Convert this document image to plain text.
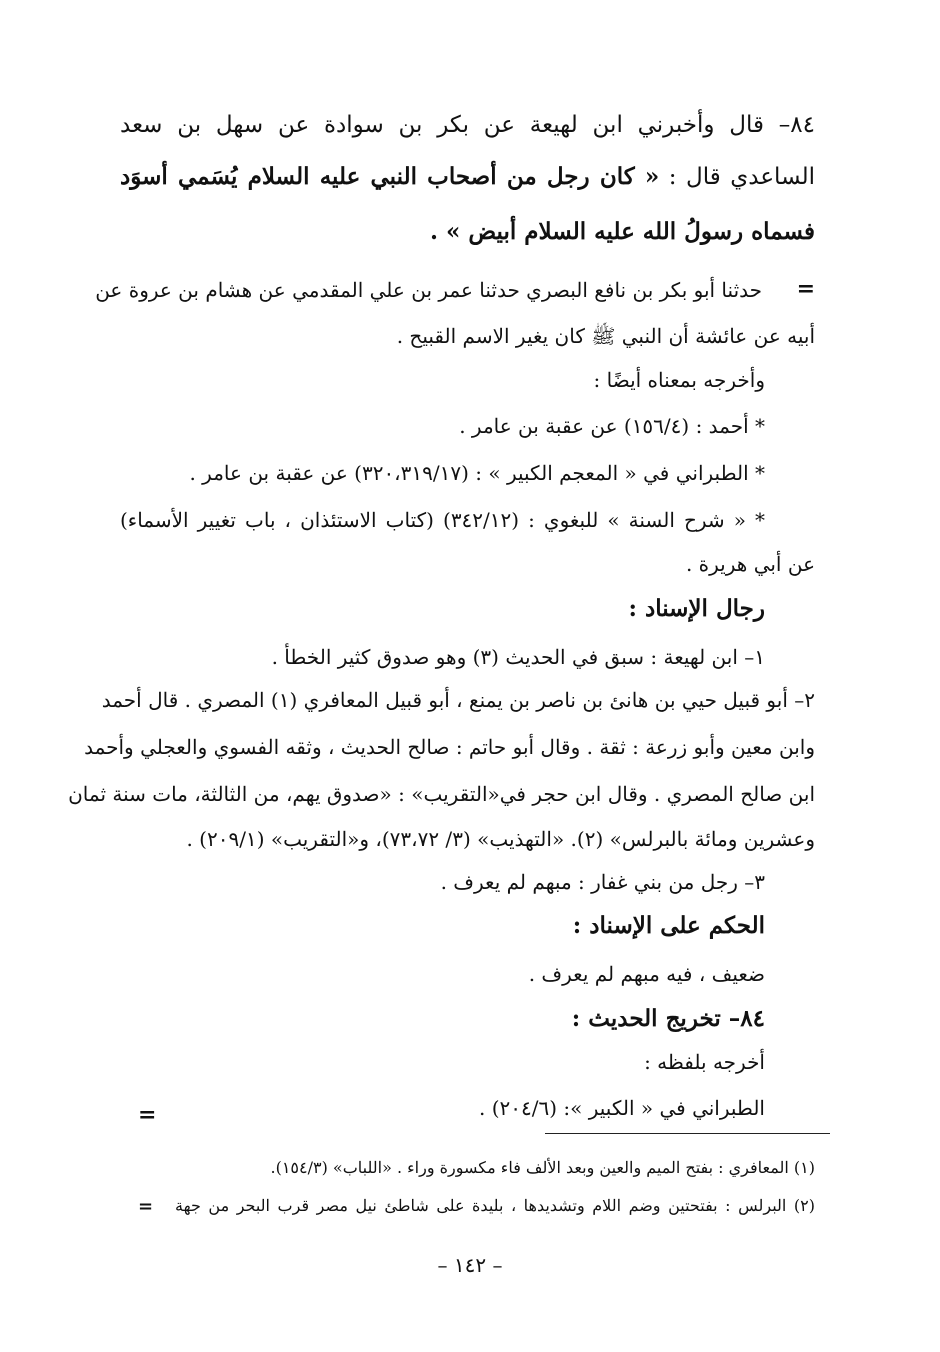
٨٤– قال وأخبرني ابن لهيعة عن بكر بن سوادة عن سهل بن سعد
الساعدي قال : « كان رجل من أصحاب النبي عليه السلام يُسَمي أسوَد
فسماه رسولُ الله عليه السلام أبيض » .
=
حدثنا أبو بكر بن نافع البصري حدثنا عمر بن علي المقدمي عن هشام بن عروة عن
أبيه عن عائشة أن النبي ﷺ كان يغير الاسم القبيح .
وأخرجه بمعناه أيضًا :
* أحمد : (١٥٦/٤) عن عقبة بن عامر .
* الطبراني في « المعجم الكبير » : (٣٢٠،٣١٩/١٧) عن عقبة بن عامر .
* « شرح السنة » للبغوي : (٣٤٢/١٢) (كتاب الاستئذان ، باب تغيير الأسماء)
عن أبي هريرة .
رجال الإسناد :
١– ابن لهيعة : سبق في الحديث (٣) وهو صدوق كثير الخطأ .
٢– أبو قبيل حيي بن هانئ بن ناصر بن يمنع ، أبو قبيل المعافري (١) المصري . قال أحمد
وابن معين وأبو زرعة : ثقة . وقال أبو حاتم : صالح الحديث ، وثقه الفسوي والعجلي وأحمد
ابن صالح المصري . وقال ابن حجر في«التقريب» : «صدوق يهم، من الثالثة، مات سنة ثمان
وعشرين ومائة بالبرلس» (٢). «التهذيب» (٣/ ٧٣،٧٢)، و«التقريب» (٢٠٩/١) .
٣– رجل من بني غفار : مبهم لم يعرف .
الحكم على الإسناد :
ضعيف ، فيه مبهم لم يعرف .
٨٤– تخريج الحديث :
أخرجه بلفظه :
الطبراني في « الكبير »: (٢٠٤/٦) .
=
(١) المعافري : بفتح الميم والعين وبعد الألف فاء مكسورة وراء . «اللباب» (١٥٤/٣).
(٢) البرلس : بفتحتين وضم اللام وتشديدها ، بليدة على شاطئ نيل مصر قرب البحر من جهة
=
– ١٤٢ –
